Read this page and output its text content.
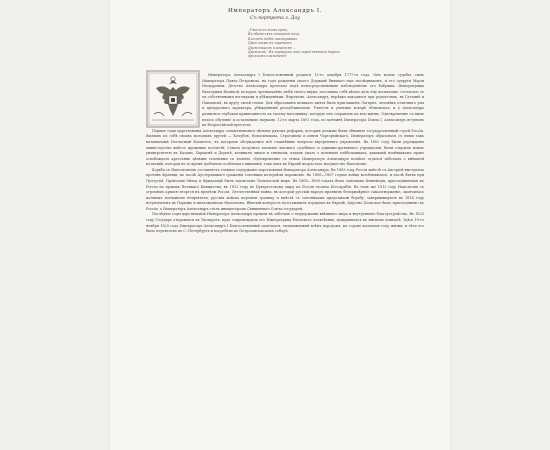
Императоръ Александръ I.
Съ портрета г. Доу
„Ужели въ томъ краю,
Въ обителяхъ сѣверной ночи,
Блеснёт тебѣ скиптровано
Пред очами въ гореніемъ
Дремлющемъ пламенемъ ...
Дремлемъ - Въ горящемъ отъ зорей святыхъ дорогъ
дремлемъ пламенемъ"

Императоръ Александръ I Благословенный родился 12-го декабря 1777-го года. Онъ волею судьбы, сынъ Императора Павла Петровича, на годъ рожденія своего Державѣ бывшаго еще наслѣдникомъ, и его супруги Маріи Ѳеодоровны. Детство Александра протекло подъ непосредственнымъ наблюденіемъ его бабушки, Императрицы Екатерины Великой, которая, чрезвычайно любя своего внука, поставила себѣ цѣлью дать ему воспитаніе, согласное съ ея собственными взглядами и убѣжденіями. Впрочемъ, Александръ, нерѣдко находился при родителяхъ, въ Гатчинѣ и Павловскѣ, въ кругу своей семьи. Для образованія великаго князя былъ приглашенъ Лагарпъ, человѣкъ отличнаго ума и прекраснаго характера, убѣжденный республиканецъ. Учитель и ученикъ вскорѣ сблизились, и у Александра развилась глубокая привязанность къ своему наставнику, которую онъ сохранилъ на всю жизнь. Одновременно съ нимъ велось обученіе и остальнымъ наукамъ. 12-го марта 1801 года, по кончинѣ Императора Павла I, Александръ вступилъ на Всероссійскій престолъ.

Первые годы царствованія Александра ознаменовались цѣлымъ рядомъ реформъ, которыя должны были обновить государственный строй Россіи. Вызвавъ къ себѣ своихъ молодыхъ друзей — Кочубея, Новосильцова, Строганова и князя Чарторыйскаго, Императоръ образовалъ съ ними такъ называемый Негласный Комитетъ, въ которомъ обсуждались всѣ главнѣйшіе вопросы внутренняго управленія. Въ 1802 году были учреждены министерства вмѣсто прежнихъ коллегій; Сенатъ получилъ значеніе высшаго судебнаго и административнаго учрежденія; были открыты новые университеты въ Казани, Харьковѣ и Дерптѣ, возникли лицеи и гимназіи; изданъ указъ о вольныхъ хлѣбопашцахъ, дававшій помѣщикамъ право освобождать крестьянъ цѣлыми селеніями съ землею. Одновременно съ этимъ Императоръ Александръ всецѣло отдался заботамъ о внѣшней политикѣ, которая въ то время требовала особеннаго вниманія, такъ какъ въ Европѣ возрастало могущество Наполеона.

Борьба съ Наполеономъ составляетъ главное содержаніе царствованія Императора Александра. Въ 1805 году Россія вмѣстѣ съ Австріей выступила противъ Франціи, но послѣ Аустерлицкаго сраженія союзники потерпѣли пораженіе. Въ 1806—1807 годахъ война возобновилась, и послѣ битвъ при Пултускѣ, Прейсишъ-Эйлау и Фридландѣ былъ заключенъ Тильзитскій миръ. Въ 1808—1809 годахъ была завоевана Финляндія, присоединенная къ Россіи на правахъ Великаго Княжества; въ 1812 году по Бухарестскому миру къ Россіи отошла Бессарабія. Въ томъ же 1812 году Наполеонъ съ огромною арміею вторгся въ предѣлы Россіи. Отечественная война, въ которой русскій народъ проявилъ безпримѣрное самоотверженіе, окончилась полнымъ изгнаніемъ непріятеля; русскія войска перешли границу и вмѣстѣ съ союзниками продолжали борьбу, завершившуюся въ 1814 году вступленіемъ въ Парижъ и низложеніемъ Наполеона. Вѣнскій конгрессъ возстановилъ порядокъ въ Европѣ; Царство Польское было присоединено къ Россіи, а Императоръ Александръ сталъ иниціаторомъ Священнаго Союза государей.

Послѣдніе годы царствованія Императора Александра прошли въ заботахъ о поддержаніи внѣшняго мира и внутренняго благоустройства. Въ 1825 году Государь отправился въ Таганрогъ, куда сопровождала его Императрица Елизавета Алексѣевна, нуждавшаяся въ мягкомъ климатѣ. Здѣсь 19-го ноября 1825 года Императоръ Александръ I Благословенный скончался, оплакиваемый всѣмъ народомъ, на сорокъ восьмомъ году жизни, и тѣло его было перевезено въ С.-Петербургъ и погребено въ Петропавловскомъ соборѣ.
